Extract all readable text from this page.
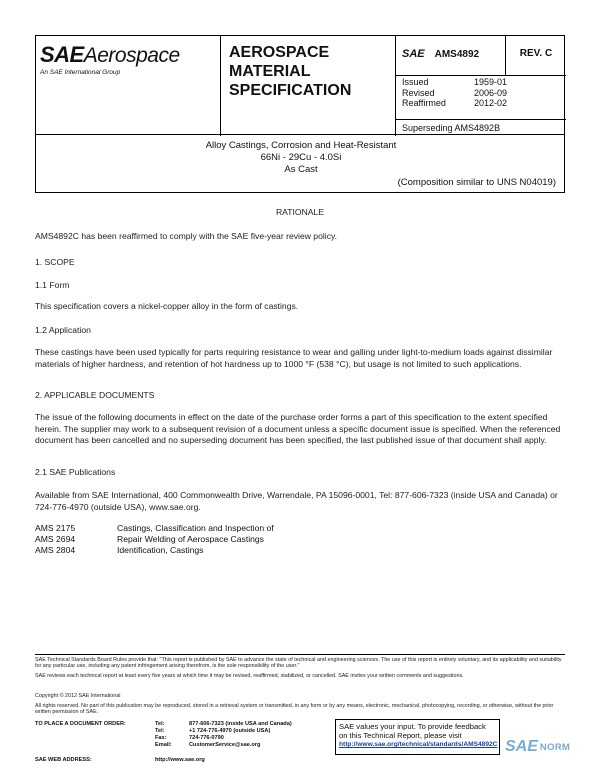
SAEAerospace
An SAE International Group
AEROSPACE
MATERIAL
SPECIFICATION
SAE AMS4892	REV. C
Issued	1959-01
Revised	2006-09
Reaffirmed	2012-02
Superseding AMS4892B
Alloy Castings, Corrosion and Heat-Resistant
66Ni - 29Cu - 4.0Si
As Cast
(Composition similar to UNS N04019)
RATIONALE
AMS4892C has been reaffirmed to comply with the SAE five-year review policy.
1. SCOPE
1.1 Form
This specification covers a nickel-copper alloy in the form of castings.
1.2 Application
These castings have been used typically for parts requiring resistance to wear and galling under light-to-medium loads against dissimilar materials of higher hardness, and retention of hot hardness up to 1000 °F (538 °C), but usage is not limited to such applications.
2. APPLICABLE DOCUMENTS
The issue of the following documents in effect on the date of the purchase order forms a part of this specification to the extent specified herein. The supplier may work to a subsequent revision of a document unless a specific document issue is specified. When the referenced document has been cancelled and no superseding document has been specified, the last published issue of that document shall apply.
2.1 SAE Publications
Available from SAE International, 400 Commonwealth Drive, Warrendale, PA 15096-0001, Tel: 877-606-7323 (inside USA and Canada) or 724-776-4970 (outside USA), www.sae.org.
AMS 2175	Castings, Classification and Inspection of
AMS 2694	Repair Welding of Aerospace Castings
AMS 2804	Identification, Castings
SAE Technical Standards Board Rules provide that: "This report is published by SAE to advance the state of technical and engineering sciences. The use of this report is entirely voluntary, and its applicability and suitability for any particular use, including any patent infringement arising therefrom, is the sole responsibility of the user."
SAE reviews each technical report at least every five years at which time it may be revised, reaffirmed, stabilized, or cancelled. SAE invites your written comments and suggestions.
Copyright © 2012 SAE International
All rights reserved. No part of this publication may be reproduced, stored in a retrieval system or transmitted, in any form or by any means, electronic, mechanical, photocopying, recording, or otherwise, without the prior written permission of SAE.
TO PLACE A DOCUMENT ORDER:	Tel:	877-606-7323 (inside USA and Canada)
Tel:	+1 724-776-4970 (outside USA)
Fax:	724-776-0790
Email:	CustomerService@sae.org
SAE WEB ADDRESS:	http://www.sae.org
SAE values your input. To provide feedback
on this Technical Report, please visit
http://www.sae.org/technical/standards/AMS4892C SAE NORM
